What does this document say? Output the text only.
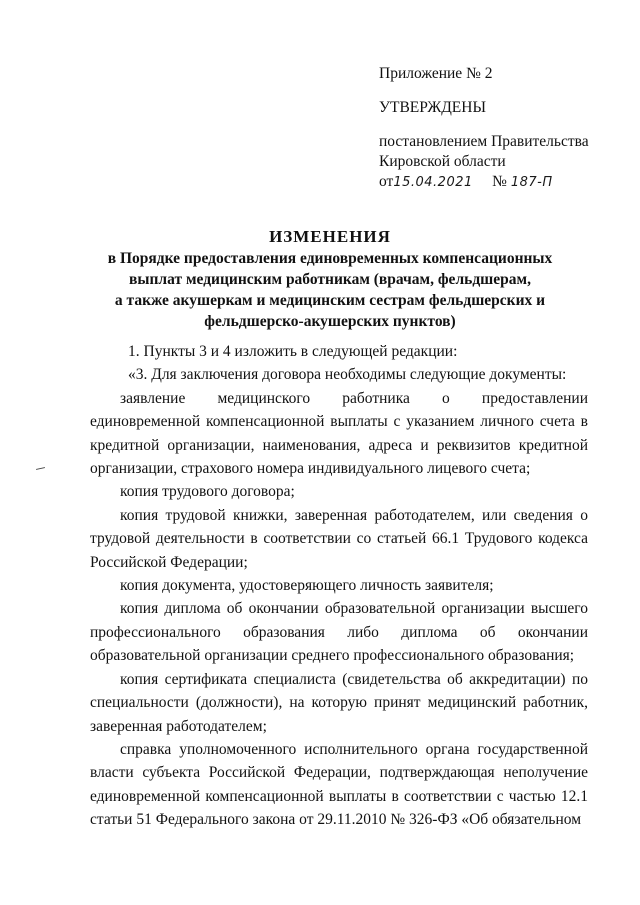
Приложение № 2
УТВЕРЖДЕНЫ
постановлением Правительства
Кировской области
от15.04.2021 № 187-П
ИЗМЕНЕНИЯ
в Порядке предоставления единовременных компенсационных
выплат медицинским работникам (врачам, фельдшерам,
а также акушеркам и медицинским сестрам фельдшерских и
фельдшерско-акушерских пунктов)

1. Пункты 3 и 4 изложить в следующей редакции:

«3. Для заключения договора необходимы следующие документы:

заявление медицинского работника о предоставлении единовременной компенсационной выплаты с указанием личного счета в кредитной организации, наименования, адреса и реквизитов кредитной организации, страхового номера индивидуального лицевого счета;

копия трудового договора;

копия трудовой книжки, заверенная работодателем, или сведения о трудовой деятельности в соответствии со статьей 66.1 Трудового кодекса Российской Федерации;

копия документа, удостоверяющего личность заявителя;

копия диплома об окончании образовательной организации высшего профессионального образования либо диплома об окончании образовательной организации среднего профессионального образования;

копия сертификата специалиста (свидетельства об аккредитации) по специальности (должности), на которую принят медицинский работник, заверенная работодателем;

справка уполномоченного исполнительного органа государственной власти субъекта Российской Федерации, подтверждающая неполучение единовременной компенсационной выплаты в соответствии с частью 12.1 статьи 51 Федерального закона от 29.11.2010 № 326-ФЗ «Об обязательном
